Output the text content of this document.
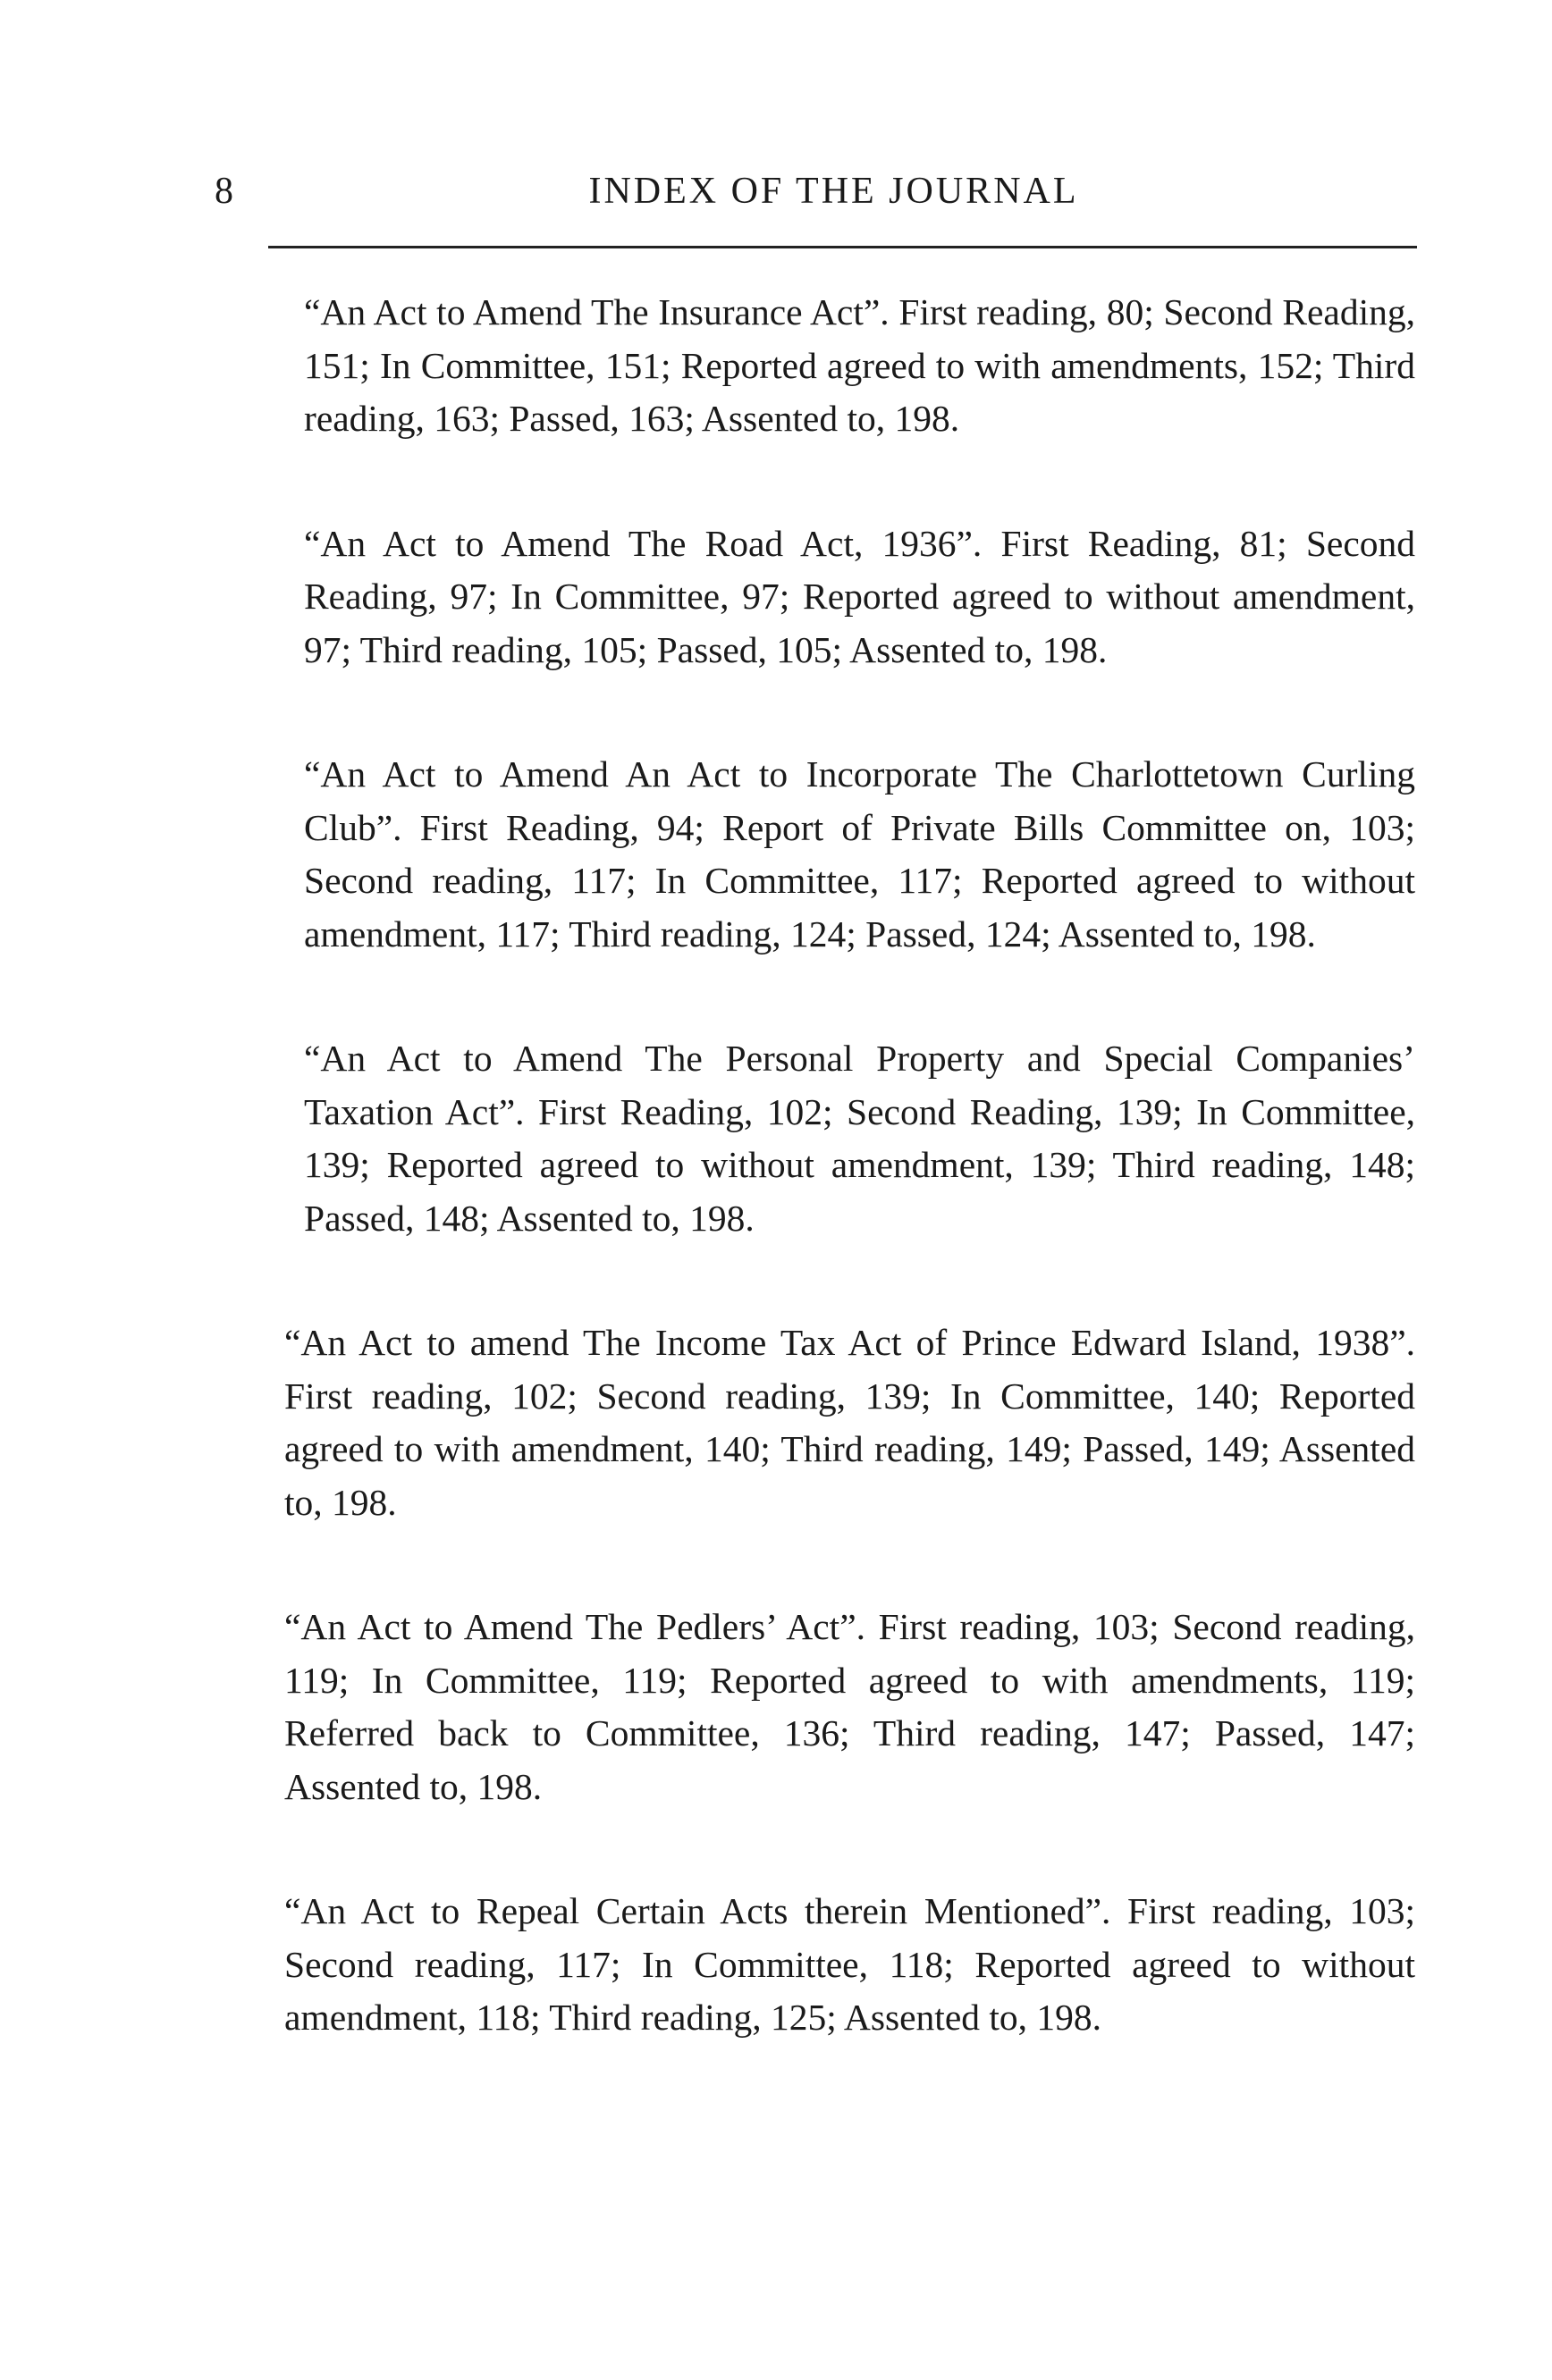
8	INDEX OF THE JOURNAL

“An Act to Amend The Insurance Act”. First reading, 80; Second Reading, 151; In Committee, 151; Reported agreed to with amendments, 152; Third reading, 163; Passed, 163; Assented to, 198.

“An Act to Amend The Road Act, 1936”. First Reading, 81; Second Reading, 97; In Committee, 97; Reported agreed to without amendment, 97; Third reading, 105; Passed, 105; Assented to, 198.

“An Act to Amend An Act to Incorporate The Charlottetown Curling Club”. First Reading, 94; Report of Private Bills Committee on, 103; Second reading, 117; In Committee, 117; Reported agreed to without amendment, 117; Third reading, 124; Passed, 124; Assented to, 198.

“An Act to Amend The Personal Property and Special Companies’ Taxation Act”. First Reading, 102; Second Reading, 139; In Committee, 139; Reported agreed to without amendment, 139; Third reading, 148; Passed, 148; Assented to, 198.

“An Act to amend The Income Tax Act of Prince Edward Island, 1938”. First reading, 102; Second reading, 139; In Committee, 140; Reported agreed to with amendment, 140; Third reading, 149; Passed, 149; Assented to, 198.

“An Act to Amend The Pedlers’ Act”. First reading, 103; Second reading, 119; In Committee, 119; Reported agreed to with amendments, 119; Referred back to Committee, 136; Third reading, 147; Passed, 147; Assented to, 198.

“An Act to Repeal Certain Acts therein Mentioned”. First reading, 103; Second reading, 117; In Committee, 118; Reported agreed to without amendment, 118; Third reading, 125; Assented to, 198.
